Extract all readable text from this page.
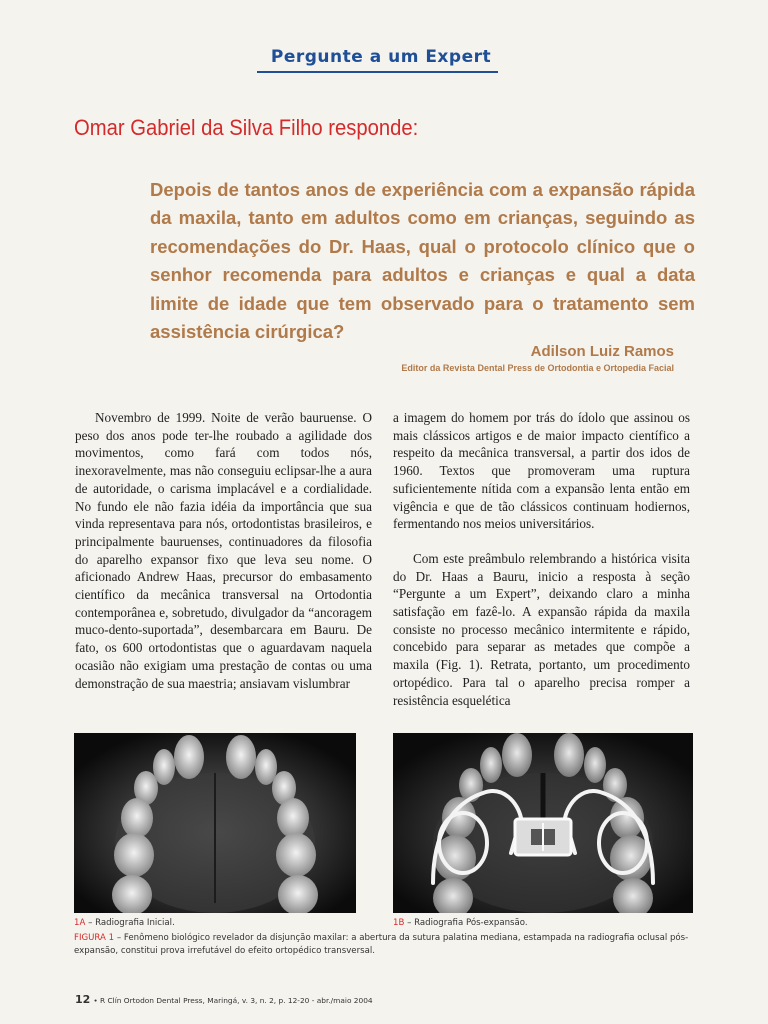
Pergunte a um Expert
Omar Gabriel da Silva Filho responde:
Depois de tantos anos de experiência com a expansão rápida da maxila, tanto em adultos como em crianças, seguindo as recomendações do Dr. Haas, qual o protocolo clínico que o senhor recomenda para adultos e crianças e qual a data limite de idade que tem observado para o tratamento sem assistência cirúrgica?
Adilson Luiz Ramos
Editor da Revista Dental Press de Ortodontia e Ortopedia Facial

Novembro de 1999. Noite de verão bauruense. O peso dos anos pode ter-lhe roubado a agilidade dos movimentos, como fará com todos nós, inexoravelmente, mas não conseguiu eclipsar-lhe a aura de autoridade, o carisma implacável e a cordialidade. No fundo ele não fazia idéia da importância que sua vinda representava para nós, ortodontistas brasileiros, e principalmente bauruenses, continuadores da filosofia do aparelho expansor fixo que leva seu nome. O aficionado Andrew Haas, precursor do embasamento científico da mecânica transversal na Ortodontia contemporânea e, sobretudo, divulgador da “ancoragem muco-dento-suportada”, desembarcara em Bauru. De fato, os 600 ortodontistas que o aguardavam naquela ocasião não exigiam uma prestação de contas ou uma demonstração de sua maestria; ansiavam vislumbrar

a imagem do homem por trás do ídolo que assinou os mais clássicos artigos e de maior impacto científico a respeito da mecânica transversal, a partir dos idos de 1960. Textos que promoveram uma ruptura suficientemente nítida com a expansão lenta então em vigência e que de tão clássicos continuam hodiernos, fermentando nos meios universitários.

Com este preâmbulo relembrando a histórica visita do Dr. Haas a Bauru, inicio a resposta à seção “Pergunte a um Expert”, deixando claro a minha satisfação em fazê-lo. A expansão rápida da maxila consiste no processo mecânico intermitente e rápido, concebido para separar as metades que compõe a maxila (Fig. 1). Retrata, portanto, um procedimento ortopédico. Para tal o aparelho precisa romper a resistência esquelética

1A – Radiografia Inicial.	1B – Radiografia Pós-expansão.
FIGURA 1 – Fenômeno biológico revelador da disjunção maxilar: a abertura da sutura palatina mediana, estampada na radiografia oclusal pós-expansão, constitui prova irrefutável do efeito ortopédico transversal.
12 • R Clín Ortodon Dental Press, Maringá, v. 3, n. 2, p. 12-20 - abr./maio 2004
